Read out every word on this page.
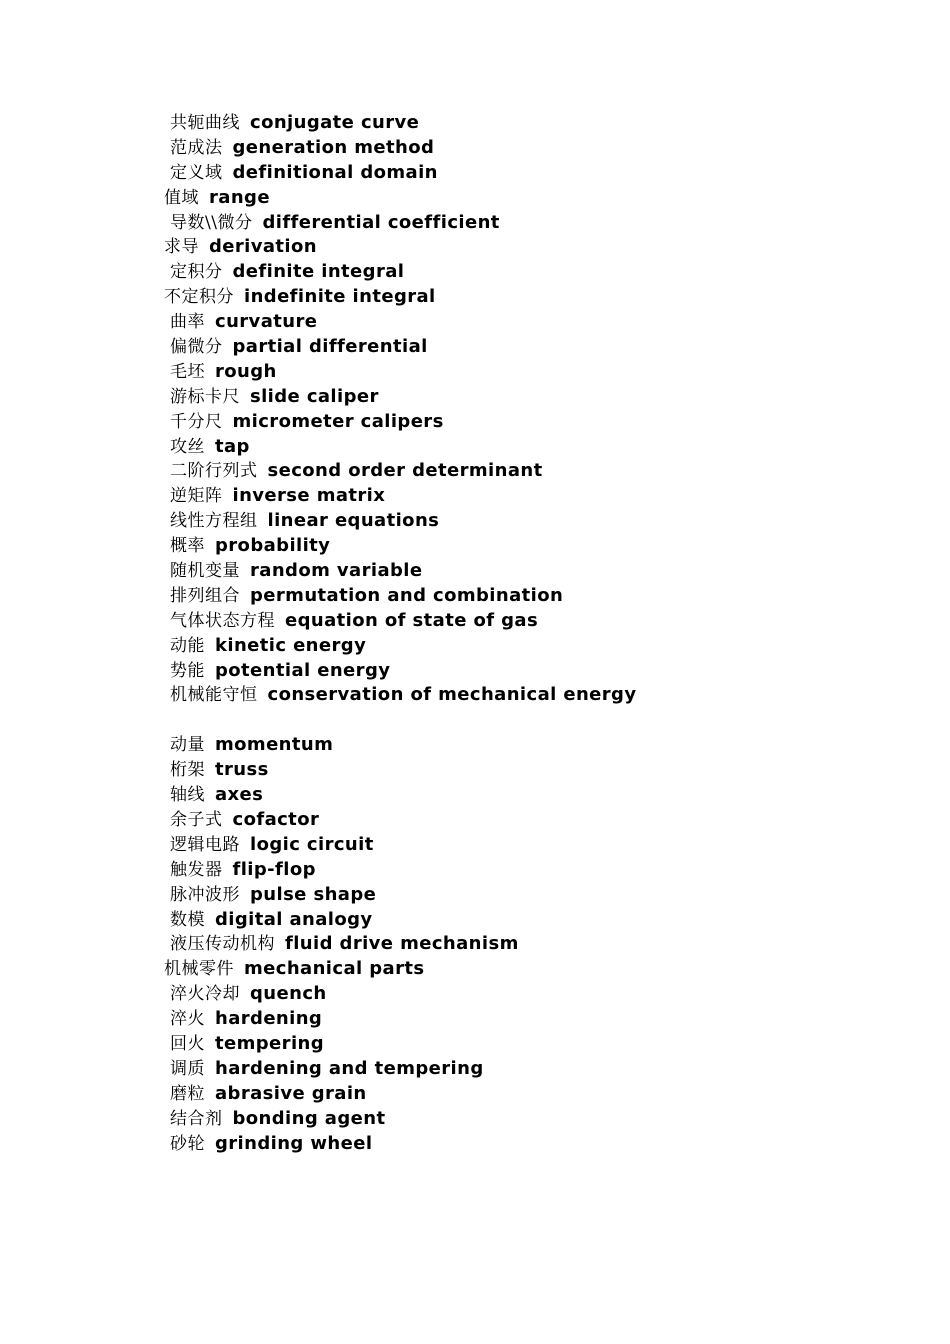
共轭曲线 conjugate curve
范成法 generation method
定义域 definitional domain
值域 range
导数\\微分 differential coefficient
求导 derivation
定积分 definite integral
不定积分 indefinite integral
曲率 curvature
偏微分 partial differential
毛坯 rough
游标卡尺 slide caliper
千分尺 micrometer calipers
攻丝 tap
二阶行列式 second order determinant
逆矩阵 inverse matrix
线性方程组 linear equations
概率 probability
随机变量 random variable
排列组合 permutation and combination
气体状态方程 equation of state of gas
动能 kinetic energy
势能 potential energy
机械能守恒 conservation of mechanical energy
动量 momentum
桁架 truss
轴线 axes
余子式 cofactor
逻辑电路 logic circuit
触发器 flip-flop
脉冲波形 pulse shape
数模 digital analogy
液压传动机构 fluid drive mechanism
机械零件 mechanical parts
淬火冷却 quench
淬火 hardening
回火 tempering
调质 hardening and tempering
磨粒 abrasive grain
结合剂 bonding agent
砂轮 grinding wheel
